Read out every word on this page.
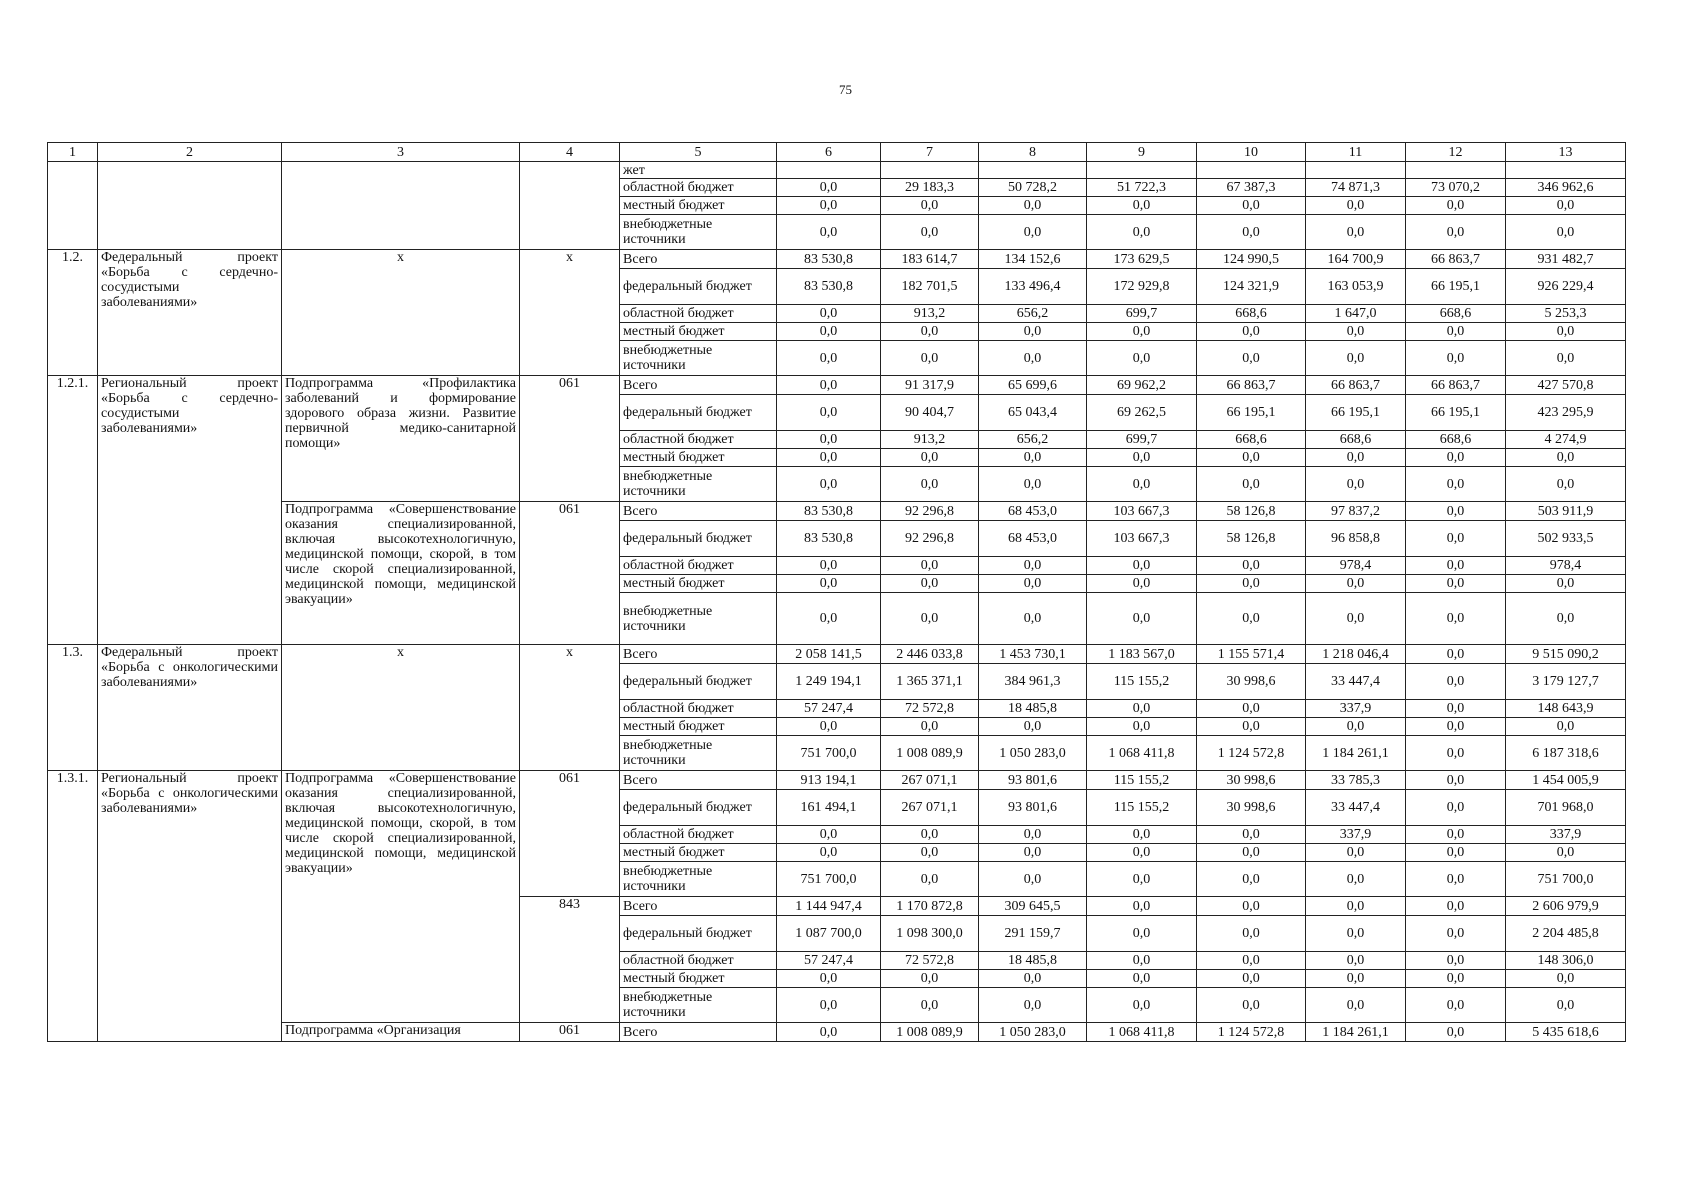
75
1	2	3	4	5	6	7	8	9	10	11	12	13
				жет								
				областной бюджет	0,0	29 183,3	50 728,2	51 722,3	67 387,3	74 871,3	73 070,2	346 962,6
				местный бюджет	0,0	0,0	0,0	0,0	0,0	0,0	0,0	0,0
				внебюджетные источники	0,0	0,0	0,0	0,0	0,0	0,0	0,0	0,0
1.2.	Федеральный проект «Борьба с сердечно-сосудистыми заболеваниями»	х	х	Всего	83 530,8	183 614,7	134 152,6	173 629,5	124 990,5	164 700,9	66 863,7	931 482,7
				федеральный бюджет	83 530,8	182 701,5	133 496,4	172 929,8	124 321,9	163 053,9	66 195,1	926 229,4
				областной бюджет	0,0	913,2	656,2	699,7	668,6	1 647,0	668,6	5 253,3
				местный бюджет	0,0	0,0	0,0	0,0	0,0	0,0	0,0	0,0
				внебюджетные источники	0,0	0,0	0,0	0,0	0,0	0,0	0,0	0,0
1.2.1.	Региональный проект «Борьба с сердечно-сосудистыми заболеваниями»	Подпрограмма «Профилактика заболеваний и формирование здорового образа жизни. Развитие первичной медико-санитарной помощи»	061	Всего	0,0	91 317,9	65 699,6	69 962,2	66 863,7	66 863,7	66 863,7	427 570,8
				федеральный бюджет	0,0	90 404,7	65 043,4	69 262,5	66 195,1	66 195,1	66 195,1	423 295,9
				областной бюджет	0,0	913,2	656,2	699,7	668,6	668,6	668,6	4 274,9
				местный бюджет	0,0	0,0	0,0	0,0	0,0	0,0	0,0	0,0
				внебюджетные источники	0,0	0,0	0,0	0,0	0,0	0,0	0,0	0,0
		Подпрограмма «Совершенствование оказания специализированной, включая высокотехнологичную, медицинской помощи, скорой, в том числе скорой специализированной, медицинской помощи, медицинской эвакуации»	061	Всего	83 530,8	92 296,8	68 453,0	103 667,3	58 126,8	97 837,2	0,0	503 911,9
				федеральный бюджет	83 530,8	92 296,8	68 453,0	103 667,3	58 126,8	96 858,8	0,0	502 933,5
				областной бюджет	0,0	0,0	0,0	0,0	0,0	978,4	0,0	978,4
				местный бюджет	0,0	0,0	0,0	0,0	0,0	0,0	0,0	0,0
				внебюджетные источники	0,0	0,0	0,0	0,0	0,0	0,0	0,0	0,0
1.3.	Федеральный проект «Борьба с онкологическими заболеваниями»	х	х	Всего	2 058 141,5	2 446 033,8	1 453 730,1	1 183 567,0	1 155 571,4	1 218 046,4	0,0	9 515 090,2
				федеральный бюджет	1 249 194,1	1 365 371,1	384 961,3	115 155,2	30 998,6	33 447,4	0,0	3 179 127,7
				областной бюджет	57 247,4	72 572,8	18 485,8	0,0	0,0	337,9	0,0	148 643,9
				местный бюджет	0,0	0,0	0,0	0,0	0,0	0,0	0,0	0,0
				внебюджетные источники	751 700,0	1 008 089,9	1 050 283,0	1 068 411,8	1 124 572,8	1 184 261,1	0,0	6 187 318,6
1.3.1.	Региональный проект «Борьба с онкологическими заболеваниями»	Подпрограмма «Совершенствование оказания специализированной, включая высокотехнологичную, медицинской помощи, скорой, в том числе скорой специализированной, медицинской помощи, медицинской эвакуации»	061	Всего	913 194,1	267 071,1	93 801,6	115 155,2	30 998,6	33 785,3	0,0	1 454 005,9
				федеральный бюджет	161 494,1	267 071,1	93 801,6	115 155,2	30 998,6	33 447,4	0,0	701 968,0
				областной бюджет	0,0	0,0	0,0	0,0	0,0	337,9	0,0	337,9
				местный бюджет	0,0	0,0	0,0	0,0	0,0	0,0	0,0	0,0
				внебюджетные источники	751 700,0	0,0	0,0	0,0	0,0	0,0	0,0	751 700,0
			843	Всего	1 144 947,4	1 170 872,8	309 645,5	0,0	0,0	0,0	0,0	2 606 979,9
				федеральный бюджет	1 087 700,0	1 098 300,0	291 159,7	0,0	0,0	0,0	0,0	2 204 485,8
				областной бюджет	57 247,4	72 572,8	18 485,8	0,0	0,0	0,0	0,0	148 306,0
				местный бюджет	0,0	0,0	0,0	0,0	0,0	0,0	0,0	0,0
				внебюджетные источники	0,0	0,0	0,0	0,0	0,0	0,0	0,0	0,0
		Подпрограмма «Организация	061	Всего	0,0	1 008 089,9	1 050 283,0	1 068 411,8	1 124 572,8	1 184 261,1	0,0	5 435 618,6
